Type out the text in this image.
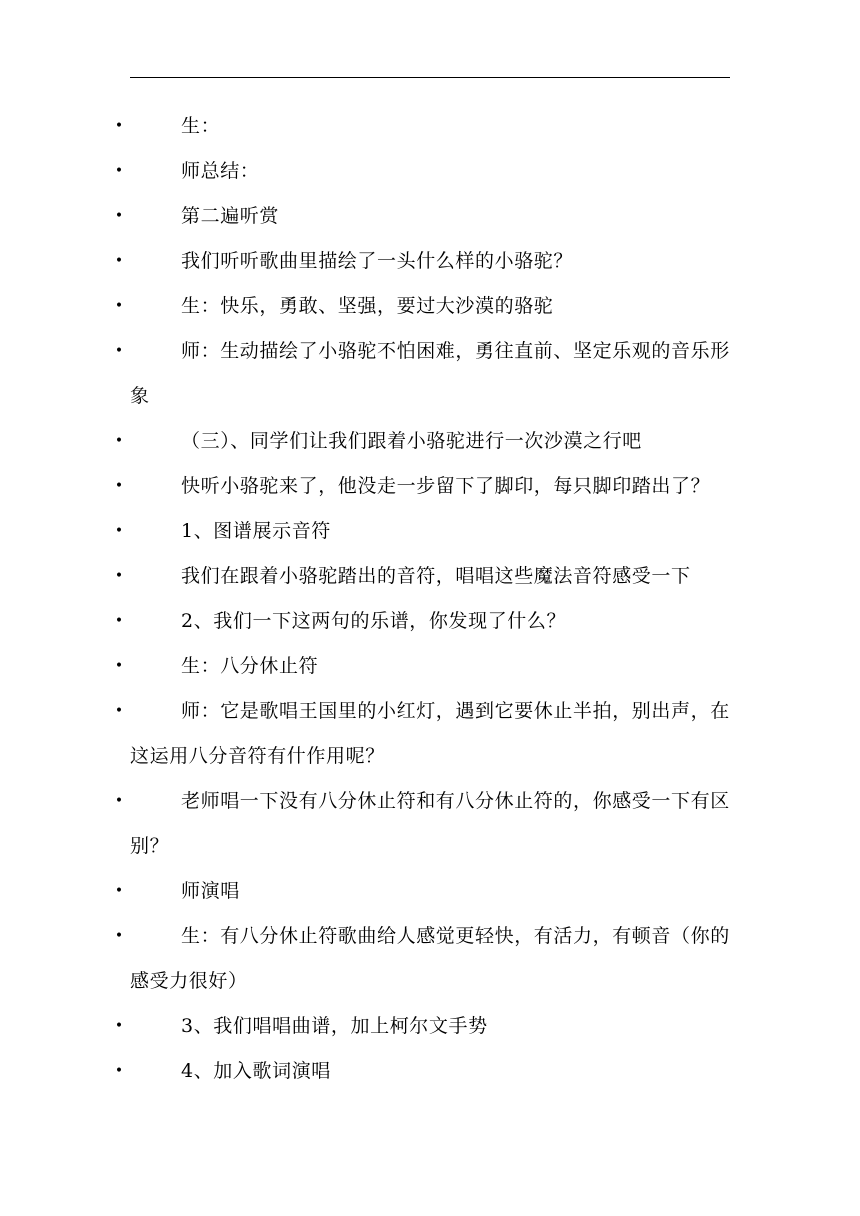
•	生：
•	师总结：
•	第二遍听赏
•	我们听听歌曲里描绘了一头什么样的小骆驼？
•	生：快乐，勇敢、坚强，要过大沙漠的骆驼
•	师：生动描绘了小骆驼不怕困难，勇往直前、坚定乐观的音乐形象
•	（三）、同学们让我们跟着小骆驼进行一次沙漠之行吧
•	快听小骆驼来了，他没走一步留下了脚印，每只脚印踏出了？
•	1、图谱展示音符
•	我们在跟着小骆驼踏出的音符，唱唱这些魔法音符感受一下
•	2、我们一下这两句的乐谱，你发现了什么？
•	生：八分休止符
•	师：它是歌唱王国里的小红灯，遇到它要休止半拍，别出声，在这运用八分音符有什作用呢？
•	老师唱一下没有八分休止符和有八分休止符的，你感受一下有区别？
•	师演唱
•	生：有八分休止符歌曲给人感觉更轻快，有活力，有顿音（你的感受力很好）
•	3、我们唱唱曲谱，加上柯尔文手势
•	4、加入歌词演唱
